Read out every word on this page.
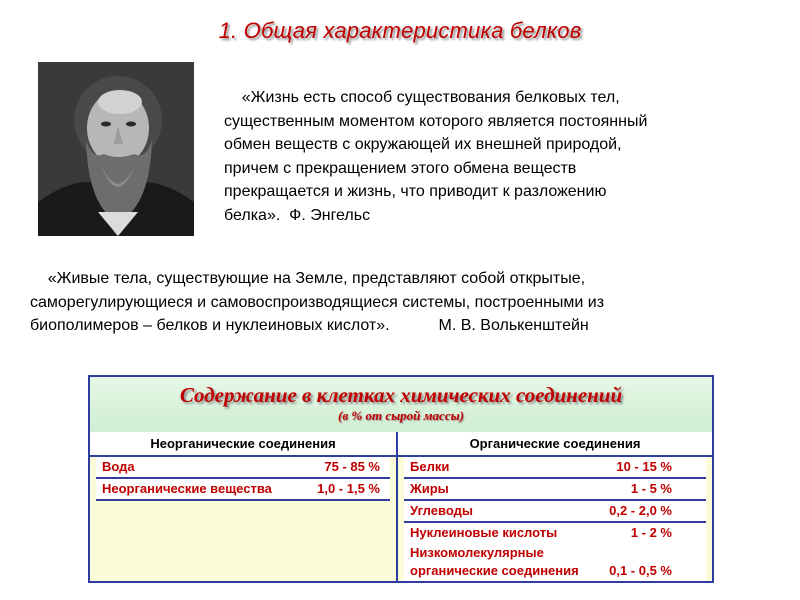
1. Общая характеристика белков
«Жизнь есть способ существования белковых тел,
существенным моментом которого является постоянный
обмен веществ с окружающей их внешней природой,
причем с прекращением этого обмена веществ
прекращается и жизнь, что приводит к разложению
белка».  Ф. Энгельс
«Живые тела, существующие на Земле, представляют собой открытые,
саморегулирующиеся и самовоспроизводящиеся системы, построенными из
биополимеров – белков и нуклеиновых кислот».           М. В. Волькенштейн
Содержание в клетках химических соединений
(в % от сырой массы)
Неорганические соединения	Органические соединения
Вода	75 - 85 %
Неорганические вещества	1,0 - 1,5 %
Белки	10 - 15 %
Жиры	1 - 5 %
Углеводы	0,2 - 2,0 %
Нуклеиновые кислоты	1 - 2 %
Низкомолекулярные
органические соединения 0,1 - 0,5 %
